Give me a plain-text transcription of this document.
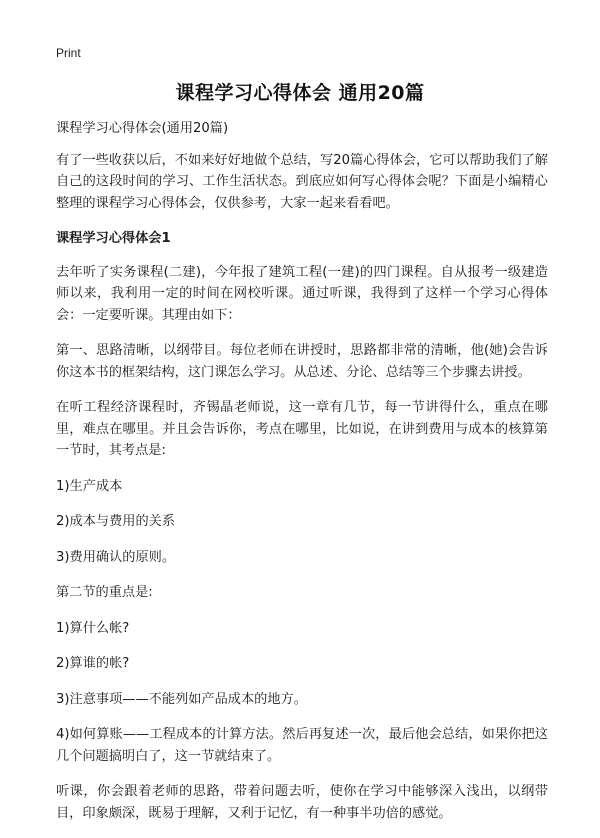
Print
课程学习心得体会 通用20篇

课程学习心得体会(通用20篇)

有了一些收获以后，不如来好好地做个总结，写20篇心得体会，它可以帮助我们了解自己的这段时间的学习、工作生活状态。到底应如何写心得体会呢？下面是小编精心整理的课程学习心得体会，仅供参考，大家一起来看看吧。

课程学习心得体会1

去年听了实务课程(二建)，今年报了建筑工程(一建)的四门课程。自从报考一级建造师以来，我利用一定的时间在网校听课。通过听课，我得到了这样一个学习心得体会：一定要听课。其理由如下：

第一、思路清晰，以纲带目。每位老师在讲授时，思路都非常的清晰，他(她)会告诉你这本书的框架结构，这门课怎么学习。从总述、分论、总结等三个步骤去讲授。

在听工程经济课程时，齐锡晶老师说，这一章有几节，每一节讲得什么，重点在哪里，难点在哪里。并且会告诉你，考点在哪里，比如说，在讲到费用与成本的核算第一节时，其考点是:

1)生产成本

2)成本与费用的关系

3)费用确认的原则。

第二节的重点是:

1)算什么帐?

2)算谁的帐?

3)注意事项——不能列如产品成本的地方。

4)如何算账——工程成本的计算方法。然后再复述一次，最后他会总结，如果你把这几个问题搞明白了，这一节就结束了。

听课，你会跟着老师的思路，带着问题去听，使你在学习中能够深入浅出，以纲带目，印象颇深，既易于理解，又利于记忆，有一种事半功倍的感觉。
